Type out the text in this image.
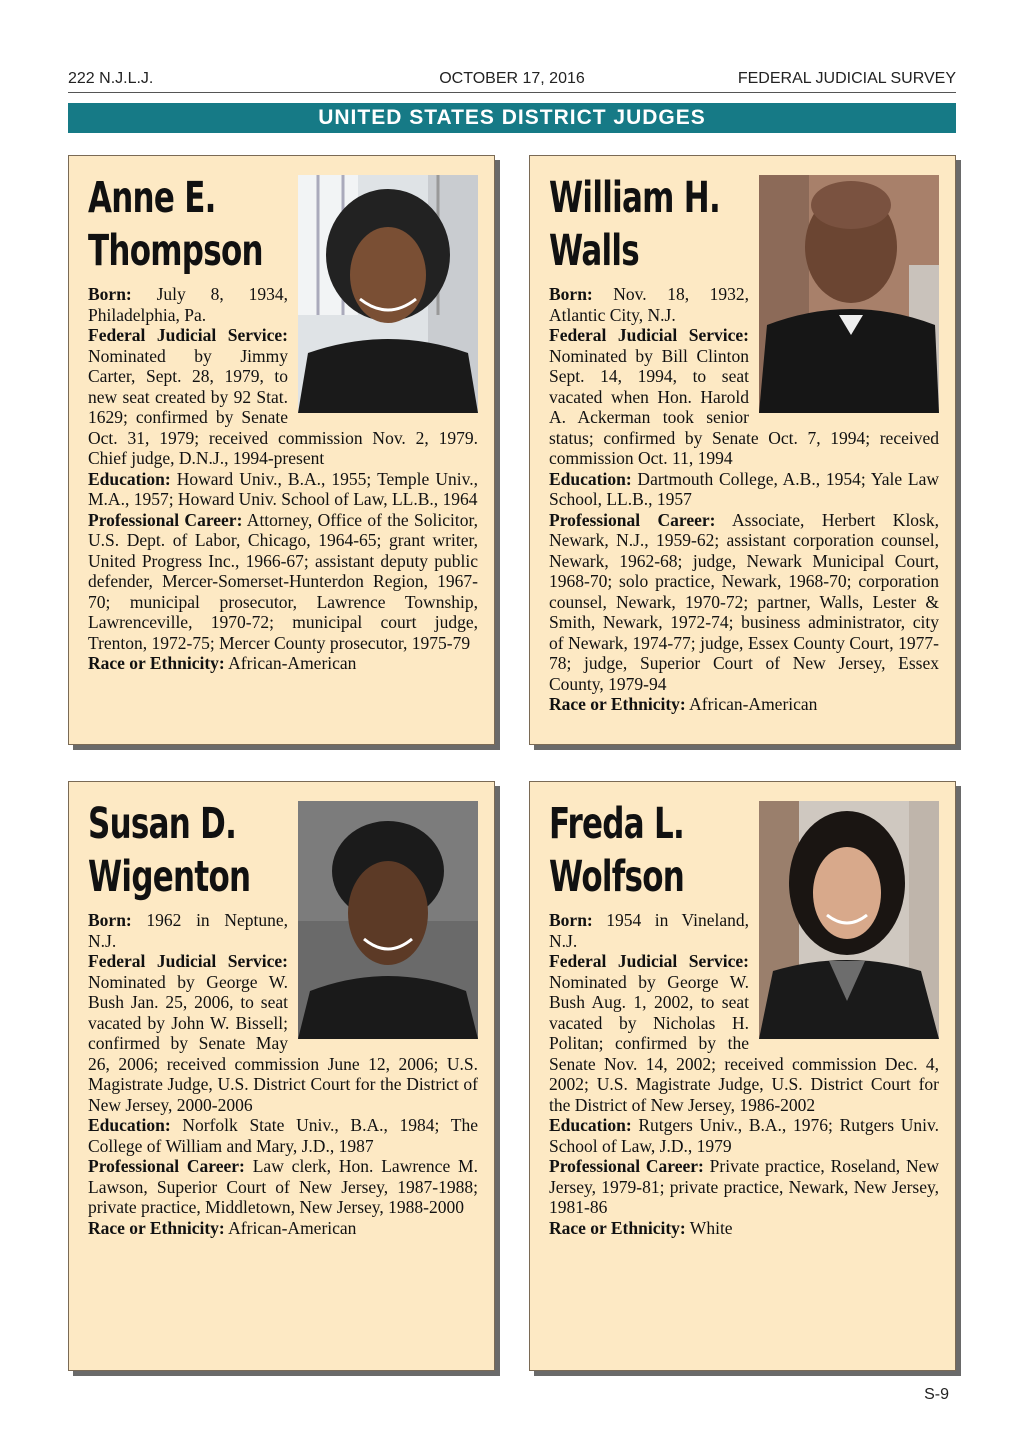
222 N.J.L.J.	OCTOBER 17, 2016	FEDERAL JUDICIAL SURVEY
UNITED STATES DISTRICT JUDGES
Anne E.
Thompson
Born: July 8, 1934, Philadelphia, Pa.
Federal Judicial Service: Nominated by Jimmy Carter, Sept. 28, 1979, to new seat created by 92 Stat. 1629; confirmed by Senate Oct. 31, 1979; received commission Nov. 2, 1979. Chief judge, D.N.J., 1994-present
Education: Howard Univ., B.A., 1955; Temple Univ., M.A., 1957; Howard Univ. School of Law, LL.B., 1964
Professional Career: Attorney, Office of the Solicitor, U.S. Dept. of Labor, Chicago, 1964-65; grant writer, United Progress Inc., 1966-67; assistant deputy public defender, Mercer-Somerset-Hunterdon Region, 1967-70; municipal prosecutor, Lawrence Township, Lawrenceville, 1970-72; municipal court judge, Trenton, 1972-75; Mercer County prosecutor, 1975-79
Race or Ethnicity: African-American
William H.
Walls
Born: Nov. 18, 1932, Atlantic City, N.J.
Federal Judicial Service: Nominated by Bill Clinton Sept. 14, 1994, to seat vacated when Hon. Harold A. Ackerman took senior status; confirmed by Senate Oct. 7, 1994; received commission Oct. 11, 1994
Education: Dartmouth College, A.B., 1954; Yale Law School, LL.B., 1957
Professional Career: Associate, Herbert Klosk, Newark, N.J., 1959-62; assistant corporation counsel, Newark, 1962-68; judge, Newark Municipal Court, 1968-70; solo practice, Newark, 1968-70; corporation counsel, Newark, 1970-72; partner, Walls, Lester & Smith, Newark, 1972-74; business administrator, city of Newark, 1974-77; judge, Essex County Court, 1977-78; judge, Superior Court of New Jersey, Essex County, 1979-94
Race or Ethnicity: African-American
Susan D.
Wigenton
Born: 1962 in Neptune, N.J.
Federal Judicial Service: Nominated by George W. Bush Jan. 25, 2006, to seat vacated by John W. Bissell; confirmed by Senate May 26, 2006; received commission June 12, 2006; U.S. Magistrate Judge, U.S. District Court for the District of New Jersey, 2000-2006
Education: Norfolk State Univ., B.A., 1984; The College of William and Mary, J.D., 1987
Professional Career: Law clerk, Hon. Lawrence M. Lawson, Superior Court of New Jersey, 1987-1988; private practice, Middletown, New Jersey, 1988-2000
Race or Ethnicity: African-American
Freda L.
Wolfson
Born: 1954 in Vineland, N.J.
Federal Judicial Service: Nominated by George W. Bush Aug. 1, 2002, to seat vacated by Nicholas H. Politan; confirmed by the Senate Nov. 14, 2002; received commission Dec. 4, 2002; U.S. Magistrate Judge, U.S. District Court for the District of New Jersey, 1986-2002
Education: Rutgers Univ., B.A., 1976; Rutgers Univ. School of Law, J.D., 1979
Professional Career: Private practice, Roseland, New Jersey, 1979-81; private practice, Newark, New Jersey, 1981-86
Race or Ethnicity: White
S-9
